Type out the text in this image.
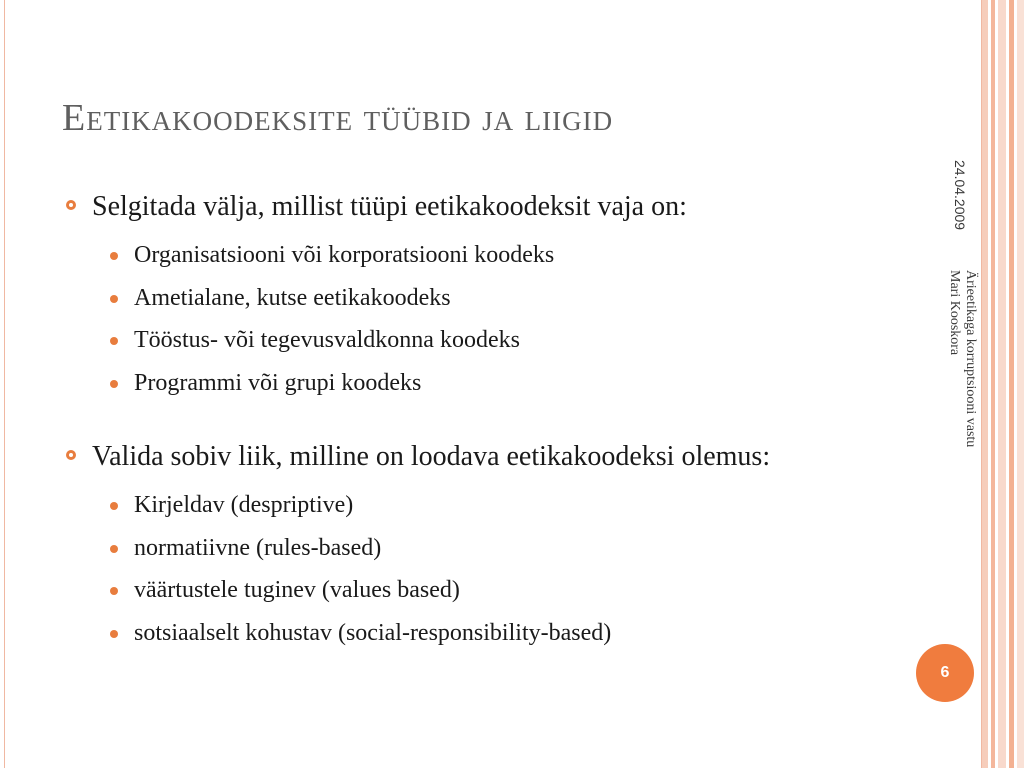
Eetikakoodeksite tüübid ja liigid
Selgitada välja, millist tüüpi eetikakoodeksit vaja on:
Organisatsiooni või korporatsiooni koodeks
Ametialane, kutse eetikakoodeks
Tööstus- või tegevusvaldkonna koodeks
Programmi või grupi koodeks
Valida sobiv liik, milline on loodava eetikakoodeksi olemus:
Kirjeldav (despriptive)
normatiivne (rules-based)
väärtustele tuginev (values based)
sotsiaalselt kohustav (social-responsibility-based)
24.04.2009
Ärieetikaga korruptsiooni vastu
Mari Kooskora
6
